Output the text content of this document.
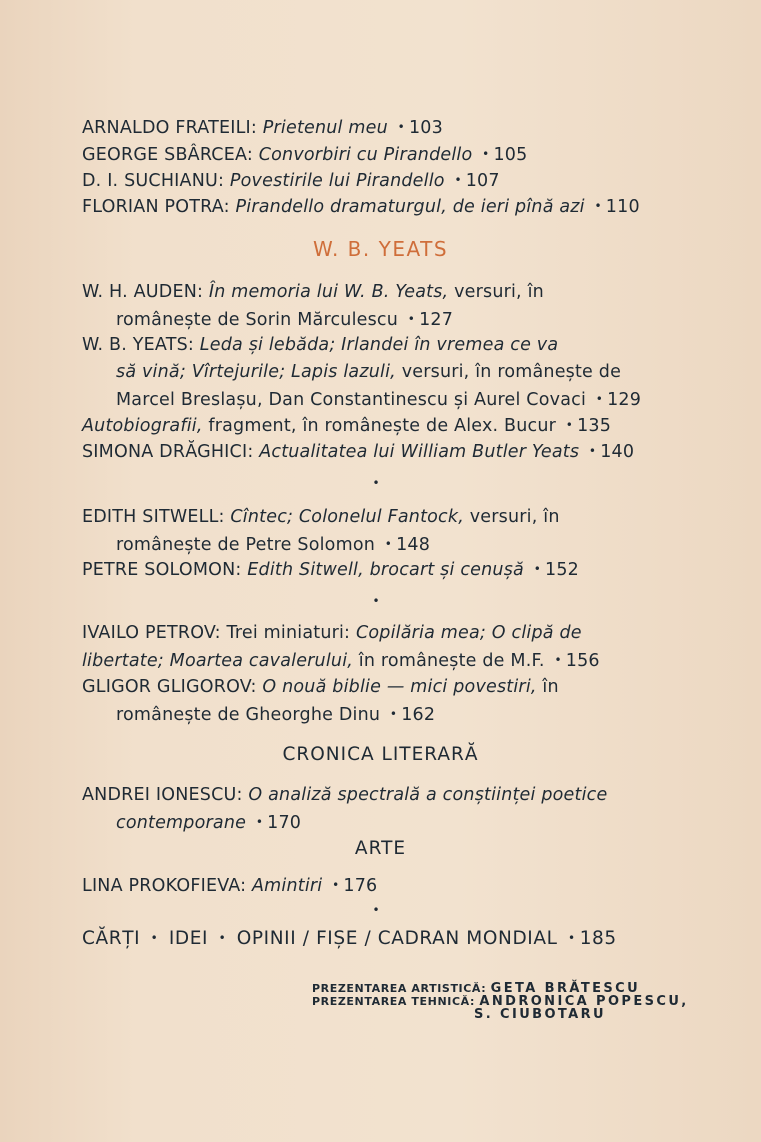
ARNALDO FRATEILI: Prietenul meu • 103
GEORGE SBÂRCEA: Convorbiri cu Pirandello • 105
D. I. SUCHIANU: Povestirile lui Pirandello • 107
FLORIAN POTRA: Pirandello dramaturgul, de ieri pînă azi • 110
W. B. YEATS
W. H. AUDEN: În memoria lui W. B. Yeats, versuri, în
românește de Sorin Mărculescu • 127
W. B. YEATS: Leda și lebăda; Irlandei în vremea ce va
să vină; Vîrtejurile; Lapis lazuli, versuri, în românește de
Marcel Breslașu, Dan Constantinescu și Aurel Covaci • 129
Autobiografii, fragment, în românește de Alex. Bucur • 135
SIMONA DRĂGHICI: Actualitatea lui William Butler Yeats • 140
•
EDITH SITWELL: Cîntec; Colonelul Fantock, versuri, în
românește de Petre Solomon • 148
PETRE SOLOMON: Edith Sitwell, brocart și cenușă • 152
•
IVAILO PETROV: Trei miniaturi: Copilăria mea; O clipă de
libertate; Moartea cavalerului, în românește de M.F. • 156
GLIGOR GLIGOROV: O nouă biblie — mici povestiri, în
românește de Gheorghe Dinu • 162
CRONICA LITERARĂ
ANDREI IONESCU: O analiză spectrală a conștiinței poetice
contemporane • 170
ARTE
LINA PROKOFIEVA: Amintiri • 176
•
CĂRȚI • IDEI • OPINII / FIȘE / CADRAN MONDIAL • 185
PREZENTAREA ARTISTICĂ: GETA BRĂTESCU
PREZENTAREA TEHNICĂ: ANDRONICA POPESCU,
S. CIUBOTARU
